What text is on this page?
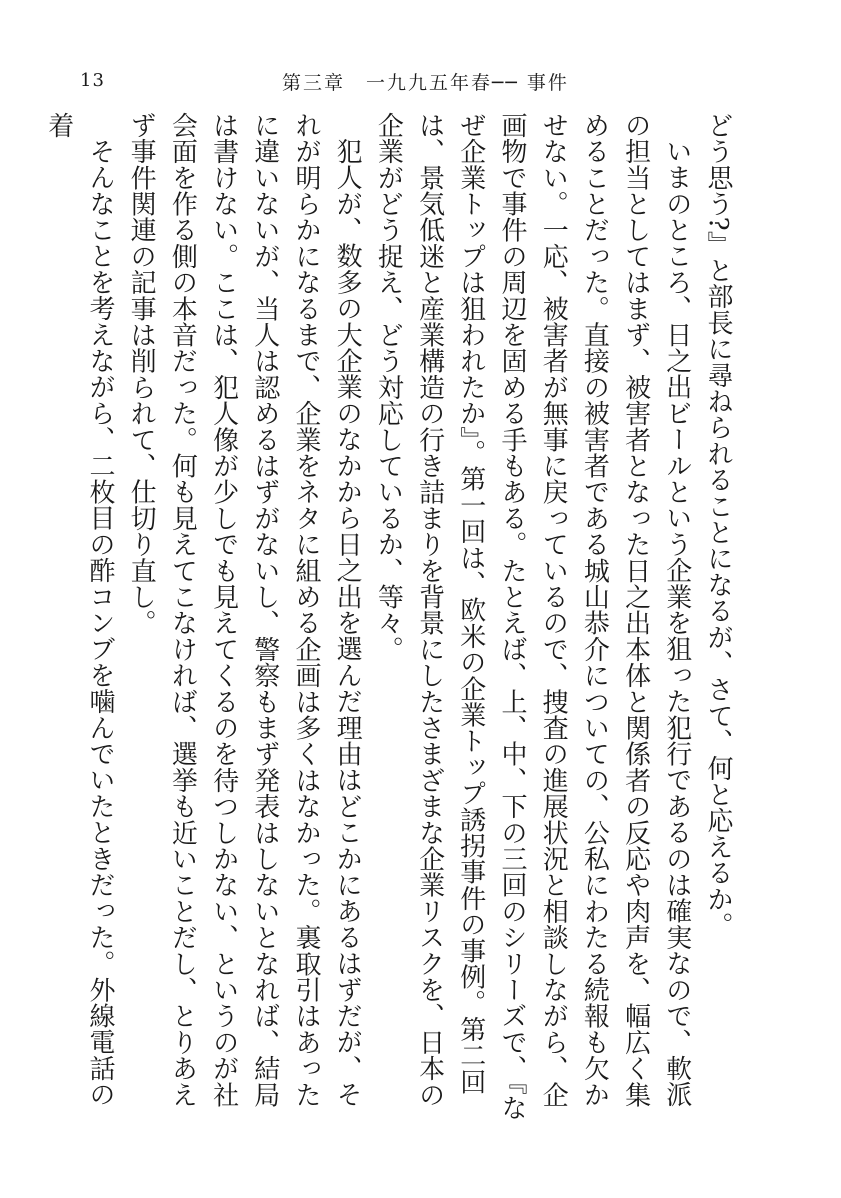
13	第三章　一九九五年春── 事件

どう思う?』と部長に尋ねられることになるが、さて、何と応えるか。

いまのところ、日之出ビールという企業を狙った犯行であるのは確実なので、軟派の担当としてはまず、被害者となった日之出本体と関係者の反応や肉声を、幅広く集めることだった。直接の被害者である城山恭介についての、公私にわたる続報も欠かせない。一応、被害者が無事に戻っているので、捜査の進展状況と相談しながら、企画物で事件の周辺を固める手もある。たとえば、上、中、下の三回のシリーズで、『なぜ企業トップは狙われたか』。第一回は、欧米の企業トップ誘拐事件の事例。第二回は、景気低迷と産業構造の行き詰まりを背景にしたさまざまな企業リスクを、日本の企業がどう捉え、どう対応しているか、等々。

犯人が、数多の大企業のなかから日之出を選んだ理由はどこかにあるはずだが、それが明らかになるまで、企業をネタに組める企画は多くはなかった。裏取引はあったに違いないが、当人は認めるはずがないし、警察もまず発表はしないとなれば、結局は書けない。ここは、犯人像が少しでも見えてくるのを待つしかない、というのが社会面を作る側の本音だった。何も見えてこなければ、選挙も近いことだし、とりあえず事件関連の記事は削られて、仕切り直し。

そんなことを考えながら、二枚目の酢コンブを噛んでいたときだった。外線電話の着
